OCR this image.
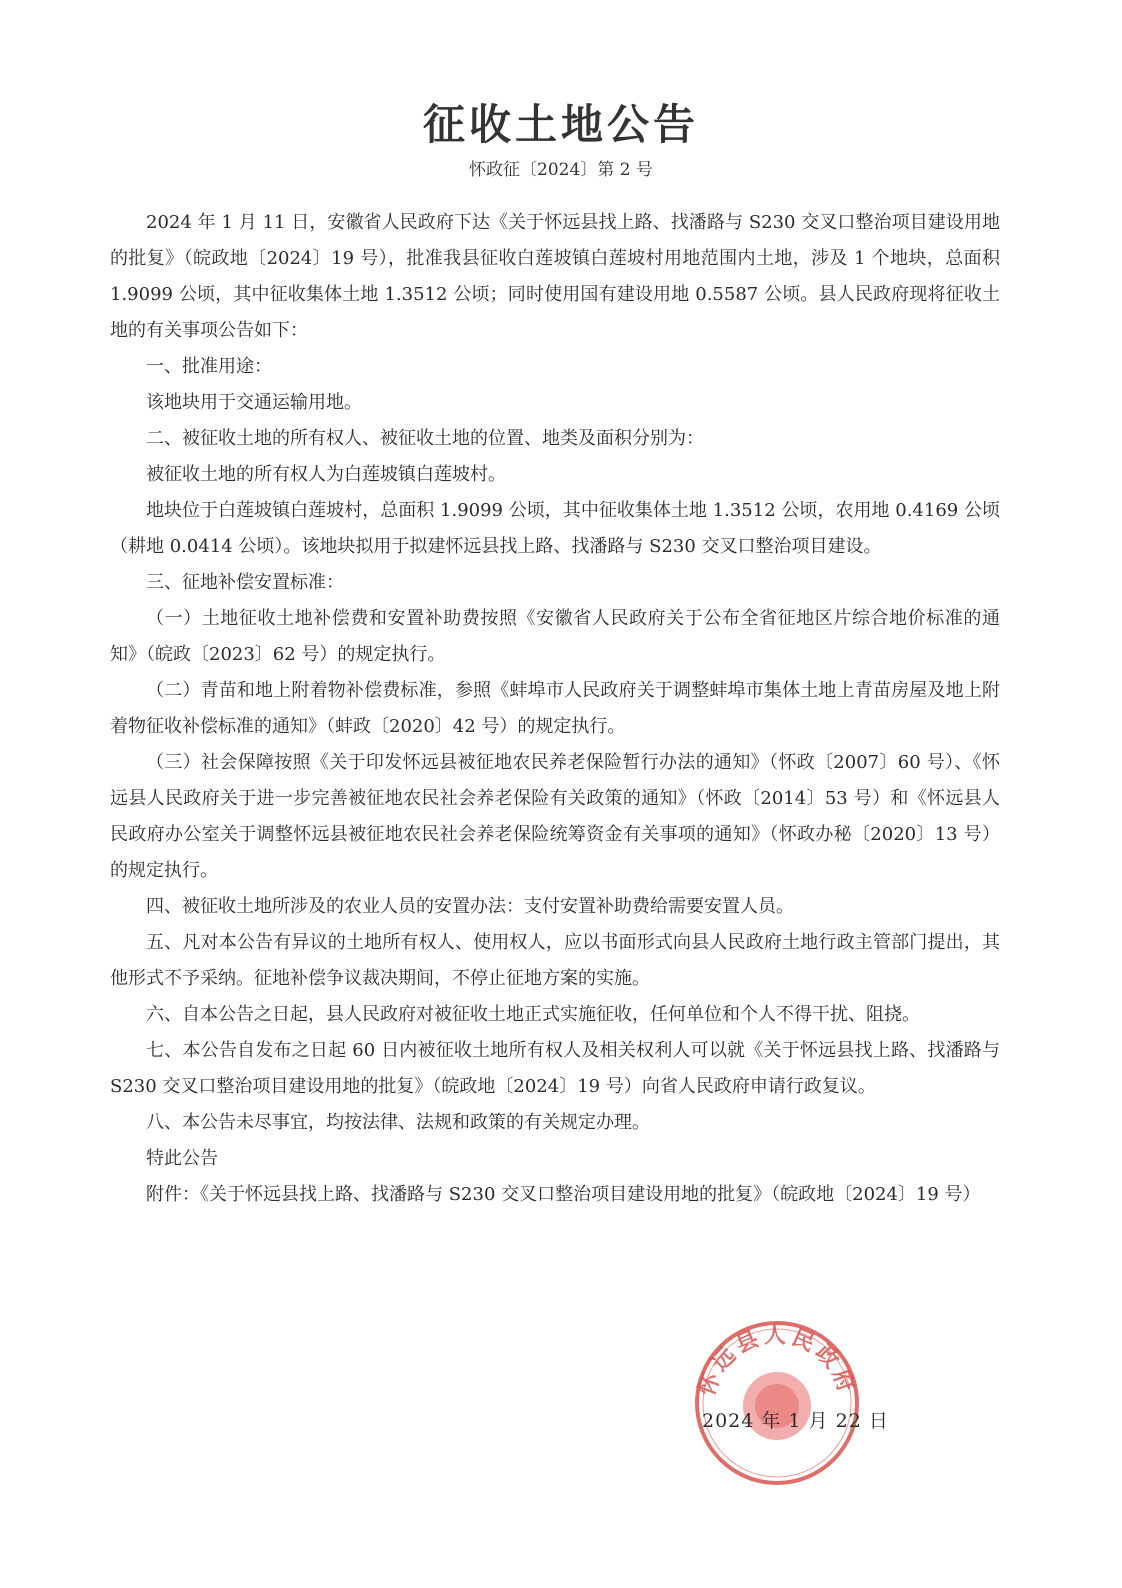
征收土地公告
怀政征〔2024〕第 2 号

2024 年 1 月 11 日，安徽省人民政府下达《关于怀远县找上路、找潘路与 S230 交叉口整治项目建设用地的批复》（皖政地〔2024〕19 号），批准我县征收白莲坡镇白莲坡村用地范围内土地，涉及 1 个地块，总面积 1.9099 公顷，其中征收集体土地 1.3512 公顷；同时使用国有建设用地 0.5587 公顷。县人民政府现将征收土地的有关事项公告如下：

一、批准用途：

该地块用于交通运输用地。

二、被征收土地的所有权人、被征收土地的位置、地类及面积分别为：

被征收土地的所有权人为白莲坡镇白莲坡村。

地块位于白莲坡镇白莲坡村，总面积 1.9099 公顷，其中征收集体土地 1.3512 公顷，农用地 0.4169 公顷（耕地 0.0414 公顷）。该地块拟用于拟建怀远县找上路、找潘路与 S230 交叉口整治项目建设。

三、征地补偿安置标准：

（一）土地征收土地补偿费和安置补助费按照《安徽省人民政府关于公布全省征地区片综合地价标准的通知》（皖政〔2023〕62 号）的规定执行。

（二）青苗和地上附着物补偿费标准，参照《蚌埠市人民政府关于调整蚌埠市集体土地上青苗房屋及地上附着物征收补偿标准的通知》（蚌政〔2020〕42 号）的规定执行。

（三）社会保障按照《关于印发怀远县被征地农民养老保险暂行办法的通知》（怀政〔2007〕60 号）、《怀远县人民政府关于进一步完善被征地农民社会养老保险有关政策的通知》（怀政〔2014〕53 号）和《怀远县人民政府办公室关于调整怀远县被征地农民社会养老保险统筹资金有关事项的通知》（怀政办秘〔2020〕13 号）的规定执行。

四、被征收土地所涉及的农业人员的安置办法：支付安置补助费给需要安置人员。

五、凡对本公告有异议的土地所有权人、使用权人，应以书面形式向县人民政府土地行政主管部门提出，其他形式不予采纳。征地补偿争议裁决期间，不停止征地方案的实施。

六、自本公告之日起，县人民政府对被征收土地正式实施征收，任何单位和个人不得干扰、阻挠。

七、本公告自发布之日起 60 日内被征收土地所有权人及相关权利人可以就《关于怀远县找上路、找潘路与 S230 交叉口整治项目建设用地的批复》（皖政地〔2024〕19 号）向省人民政府申请行政复议。

八、本公告未尽事宜，均按法律、法规和政策的有关规定办理。

特此公告

附件：《关于怀远县找上路、找潘路与 S230 交叉口整治项目建设用地的批复》（皖政地〔2024〕19 号）

怀远县人民政府
2024 年 1 月 22 日
